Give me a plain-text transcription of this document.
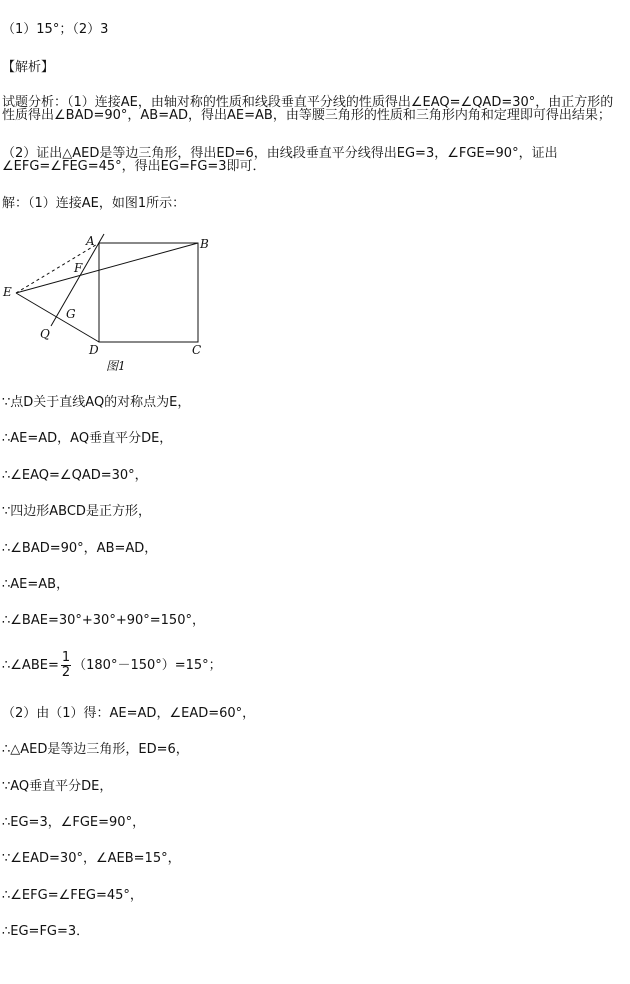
（1）15°；（2）3
【解析】
试题分析：（1）连接AE，由轴对称的性质和线段垂直平分线的性质得出∠EAQ=∠QAD=30°，由正方形的性质得出∠BAD=90°，AB=AD，得出AE=AB，由等腰三角形的性质和三角形内角和定理即可得出结果；
（2）证出△AED是等边三角形，得出ED=6，由线段垂直平分线得出EG=3，∠FGE=90°，证出∠EFG=∠FEG=45°，得出EG=FG=3即可．
解：（1）连接AE，如图1所示：
A	B
C
D
E
F
G
Q
图1
∵点D关于直线AQ的对称点为E，
∴AE=AD，AQ垂直平分DE，
∴∠EAQ=∠QAD=30°，
∵四边形ABCD是正方形，
∴∠BAD=90°，AB=AD，
∴AE=AB，
∴∠BAE=30°+30°+90°=150°，
∴∠ABE= $\frac{1}{2} (180^\circ-150^\circ)=15^\circ$；
（2）由（1）得：AE=AD，∠EAD=60°，
∴△AED是等边三角形，ED=6，
∵AQ垂直平分DE，
∴EG=3，∠FGE=90°，
∵∠EAD=30°，∠AEB=15°，
∴∠EFG=∠FEG=45°，
∴EG=FG=3．
